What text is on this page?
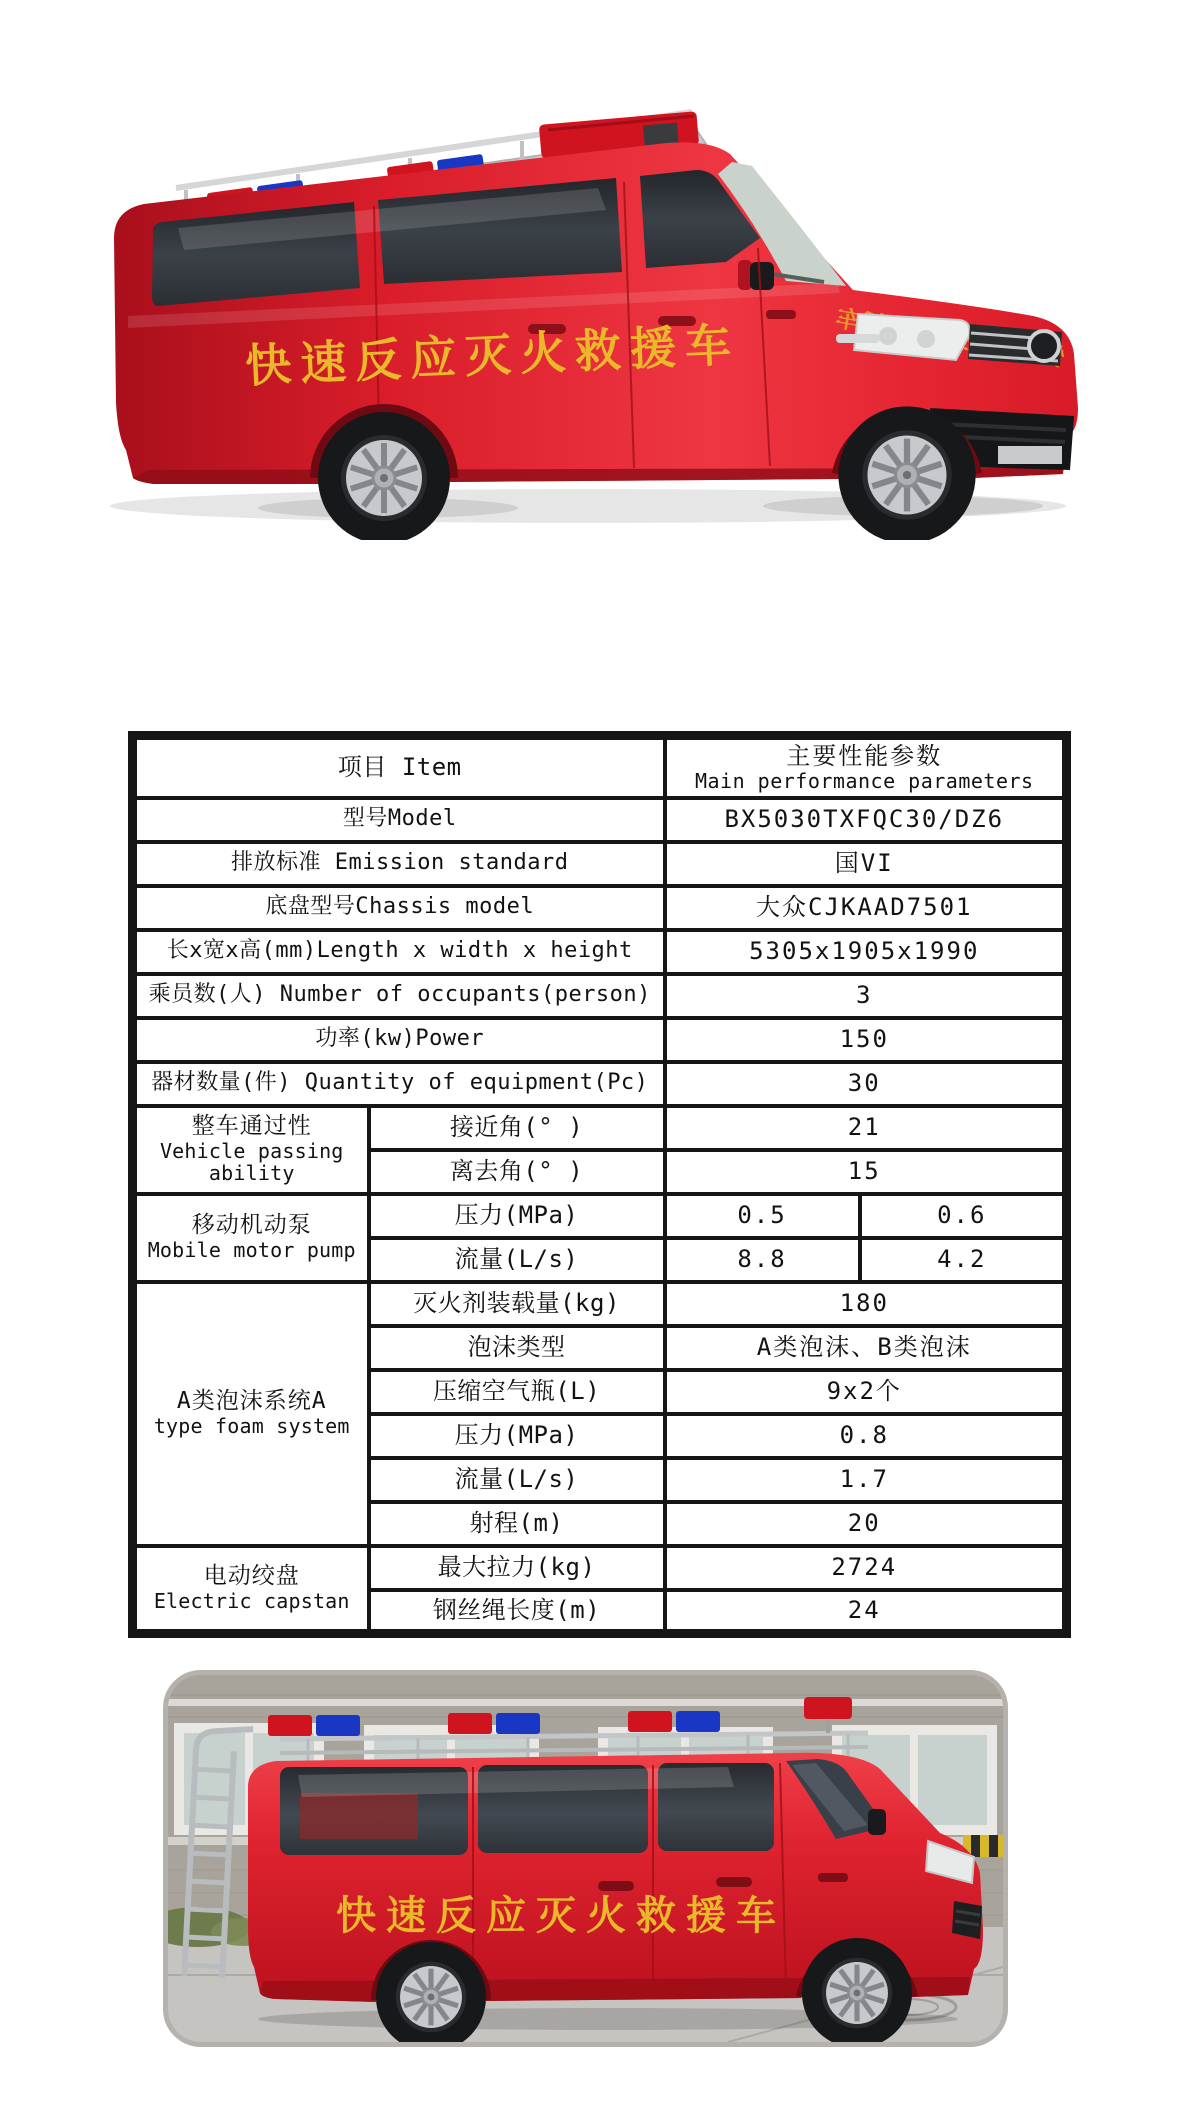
快速反应灭火救援车
项目 Item		主要性能参数
Main performance parameters	

型号Model		BX5030TXFQC30/DZ6	
排放标准 Emission standard		国VI	
底盘型号Chassis model		大众CJKAAD7501	
长x宽x高(mm)Length x width x height		5305x1905x1990	
乘员数(人) Number of occupants(person)		3	
功率(kw)Power		150	
器材数量(件) Quantity of equipment(Pc)		30	

整车通过性
Vehicle passing ability	接近角(° )	21	
	离去角(° )	15	

移动机动泵
Mobile motor pump	压力(MPa)	0.5	0.6
	流量(L/s)	8.8	4.2

A类泡沫系统A
type foam system	灭火剂装载量(kg)	180	
	泡沫类型	A类泡沫、B类泡沫	
	压缩空气瓶(L)	9x2个	
	压力(MPa)	0.8	
	流量(L/s)	1.7	
	射程(m)	20	

电动绞盘
Electric capstan	最大拉力(kg)	2724	
	钢丝绳长度(m)	24	
快速反应灭火救援车
